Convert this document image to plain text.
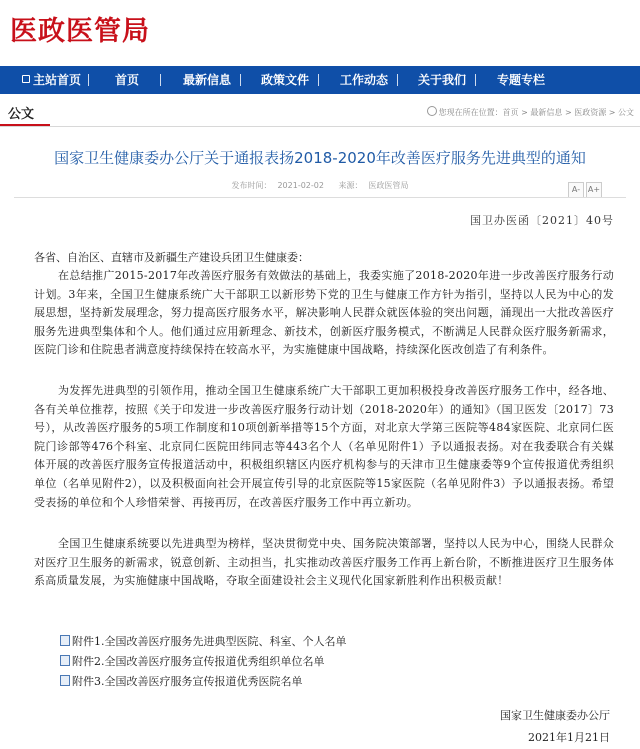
医政医管局
主站首页	首页	最新信息 政策文件	工作动态 关于我们	专题专栏
公文	您现在所在位置：首页 > 最新信息 > 医政资源 > 公文
国家卫生健康委办公厅关于通报表扬2018-2020年改善医疗服务先进典型的通知
发布时间： 2021-02-02 来源： 医政医管局	A- A+
国卫办医函〔2021〕40号
各省、自治区、直辖市及新疆生产建设兵团卫生健康委：
在总结推广2015-2017年改善医疗服务有效做法的基础上，我委实施了2018-2020年进一步改善医疗服务行动计划。3年来，全国卫生健康系统广大干部职工以新形势下党的卫生与健康工作方针为指引，坚持以人民为中心的发展思想，坚持新发展理念，努力提高医疗服务水平，解决影响人民群众就医体验的突出问题，涌现出一大批改善医疗服务先进典型集体和个人。他们通过应用新理念、新技术，创新医疗服务模式，不断满足人民群众医疗服务新需求，医院门诊和住院患者满意度持续保持在较高水平，为实施健康中国战略，持续深化医改创造了有利条件。
为发挥先进典型的引领作用，推动全国卫生健康系统广大干部职工更加积极投身改善医疗服务工作中，经各地、各有关单位推荐，按照《关于印发进一步改善医疗服务行动计划（2018-2020年）的通知》（国卫医发〔2017〕73号），从改善医疗服务的5项工作制度和10项创新举措等15个方面，对北京大学第三医院等484家医院、北京同仁医院门诊部等476个科室、北京同仁医院田纬同志等443名个人（名单见附件1）予以通报表扬。对在我委联合有关媒体开展的改善医疗服务宣传报道活动中，积极组织辖区内医疗机构参与的天津市卫生健康委等9个宣传报道优秀组织单位（名单见附件2），以及积极面向社会开展宣传引导的北京医院等15家医院（名单见附件3）予以通报表扬。希望受表扬的单位和个人珍惜荣誉、再接再厉，在改善医疗服务工作中再立新功。
全国卫生健康系统要以先进典型为榜样，坚决贯彻党中央、国务院决策部署，坚持以人民为中心，围绕人民群众对医疗卫生服务的新需求，锐意创新、主动担当，扎实推动改善医疗服务工作再上新台阶，不断推进医疗卫生服务体系高质量发展，为实施健康中国战略，夺取全面建设社会主义现代化国家新胜利作出积极贡献！
附件1.全国改善医疗服务先进典型医院、科室、个人名单
附件2.全国改善医疗服务宣传报道优秀组织单位名单
附件3.全国改善医疗服务宣传报道优秀医院名单
国家卫生健康委办公厅
2021年1月21日
